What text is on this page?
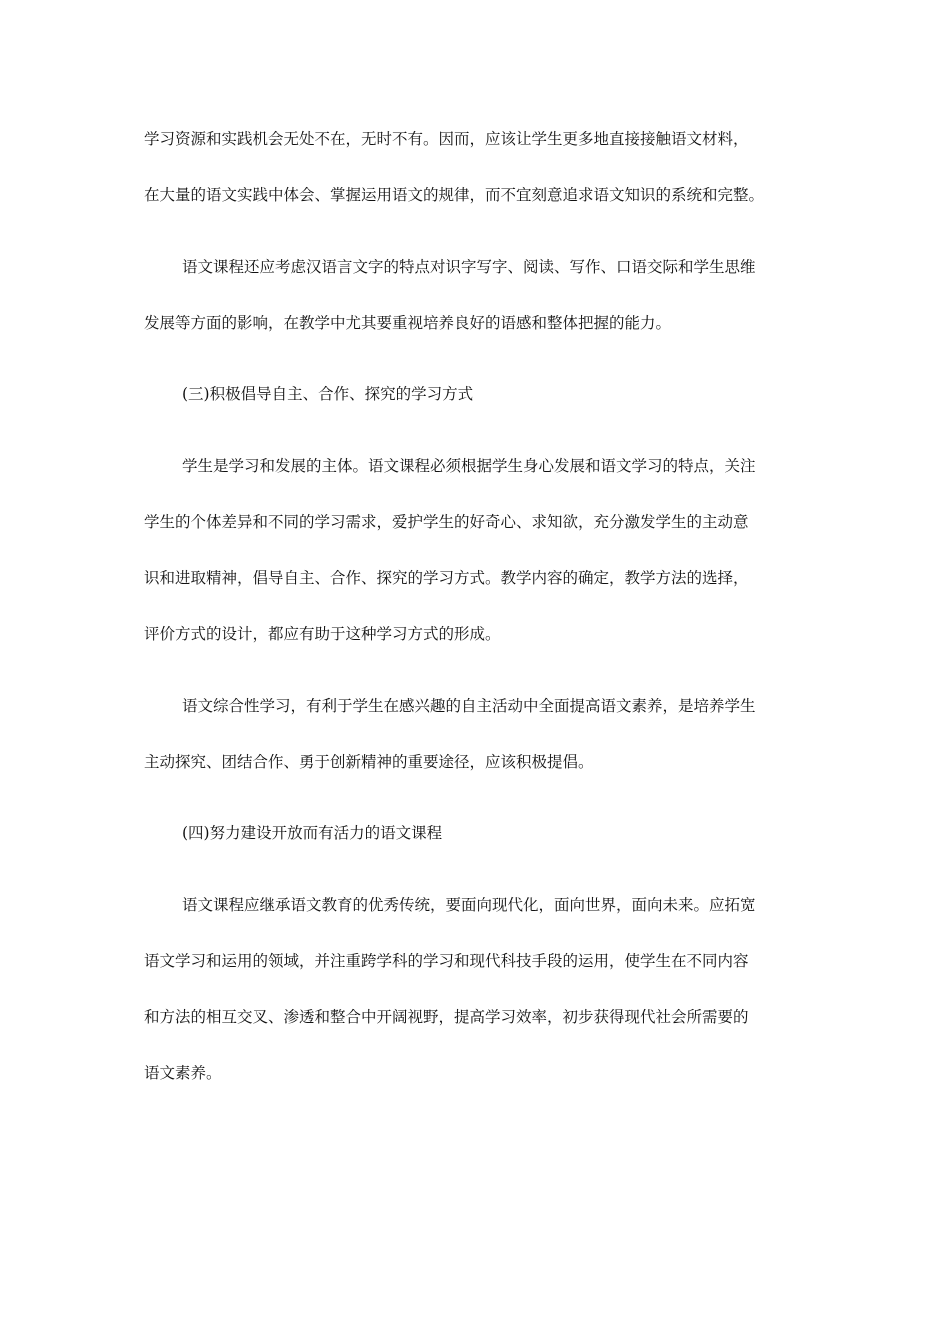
学习资源和实践机会无处不在，无时不有。因而，应该让学生更多地直接接触语文材料，
在大量的语文实践中体会、掌握运用语文的规律，而不宜刻意追求语文知识的系统和完整。
语文课程还应考虑汉语言文字的特点对识字写字、阅读、写作、口语交际和学生思维
发展等方面的影响，在教学中尤其要重视培养良好的语感和整体把握的能力。
(三)积极倡导自主、合作、探究的学习方式
学生是学习和发展的主体。语文课程必须根据学生身心发展和语文学习的特点，关注
学生的个体差异和不同的学习需求，爱护学生的好奇心、求知欲，充分激发学生的主动意
识和进取精神，倡导自主、合作、探究的学习方式。教学内容的确定，教学方法的选择，
评价方式的设计，都应有助于这种学习方式的形成。
语文综合性学习，有利于学生在感兴趣的自主活动中全面提高语文素养，是培养学生
主动探究、团结合作、勇于创新精神的重要途径，应该积极提倡。
(四)努力建设开放而有活力的语文课程
语文课程应继承语文教育的优秀传统，要面向现代化，面向世界，面向未来。应拓宽
语文学习和运用的领域，并注重跨学科的学习和现代科技手段的运用，使学生在不同内容
和方法的相互交叉、渗透和整合中开阔视野，提高学习效率，初步获得现代社会所需要的
语文素养。
